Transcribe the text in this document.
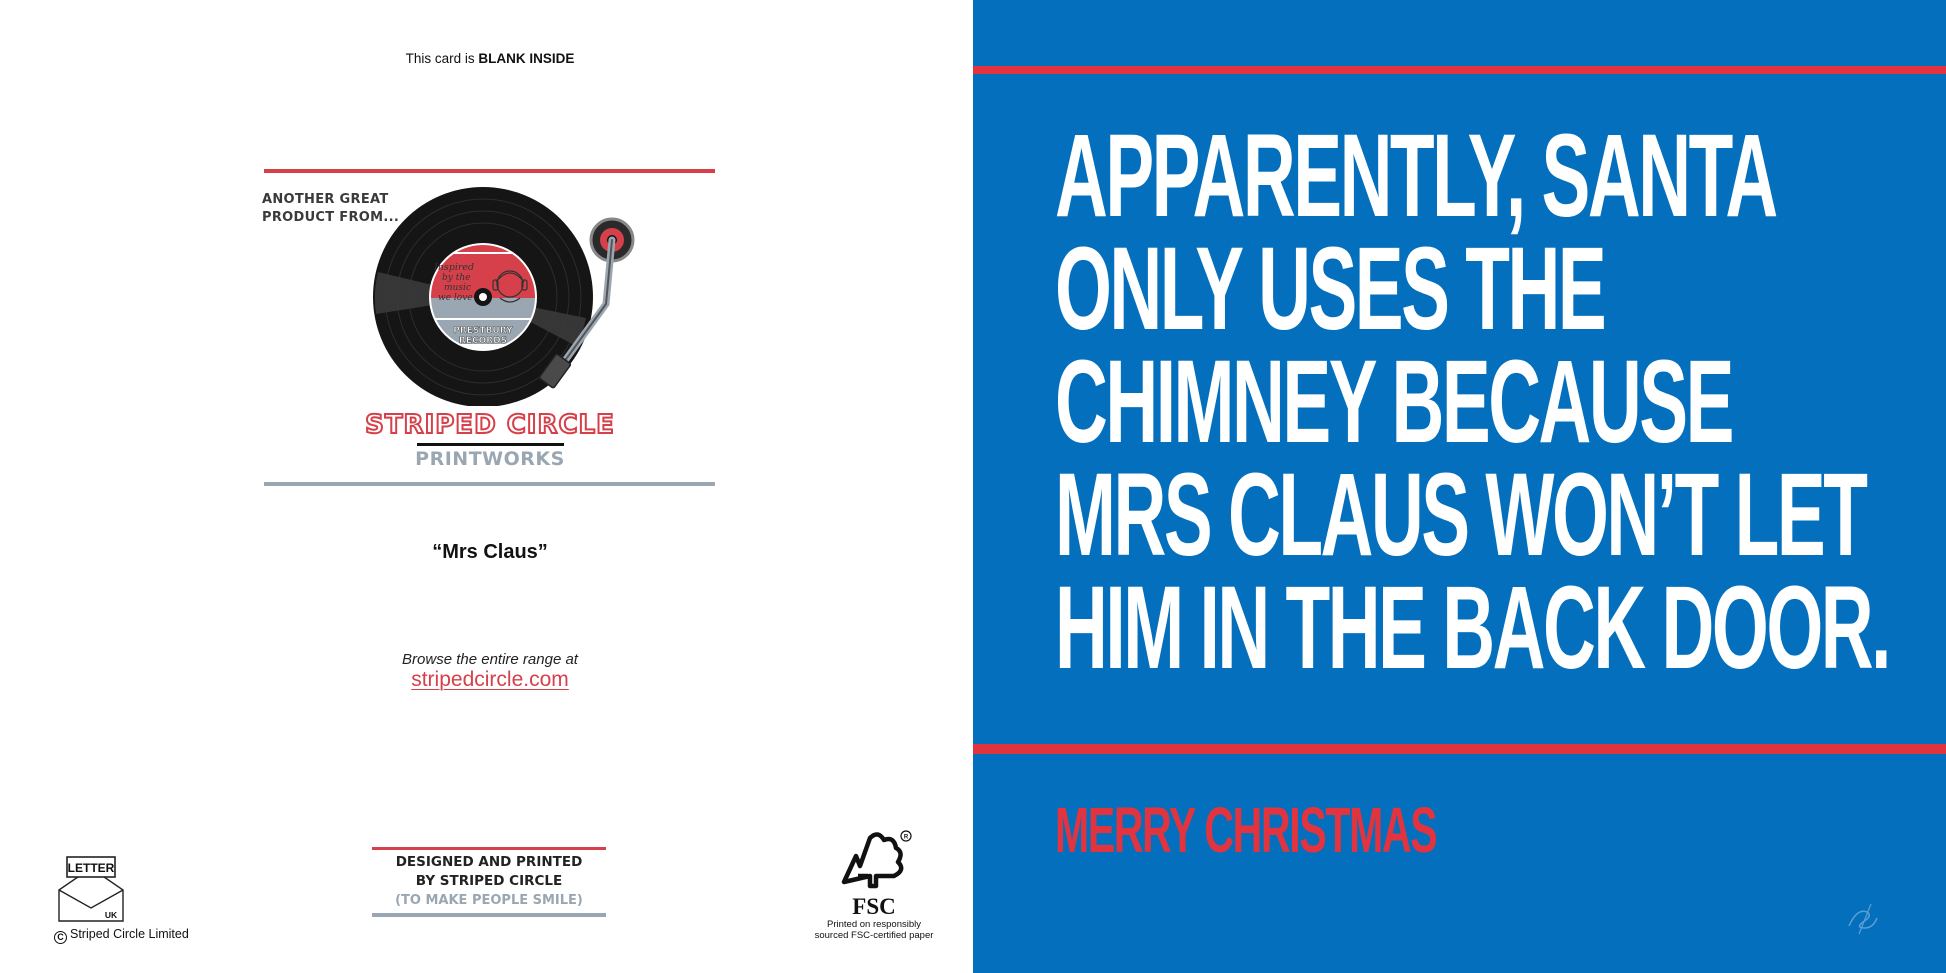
This card is BLANK INSIDE
ANOTHER GREAT
PRODUCT FROM...
Inspired
by the
music
we love
PRESTBURY
RECORDS
STRIPED CIRCLE
PRINTWORKS
“Mrs Claus”
Browse the entire range at
stripedcircle.com
DESIGNED AND PRINTED
BY STRIPED CIRCLE
(TO MAKE PEOPLE SMILE)
LETTER
UK
C Striped Circle Limited
R
FSC
Printed on responsibly
sourced FSC-certified paper
APPARENTLY, SANTA
ONLY USES THE
CHIMNEY BECAUSE
MRS CLAUS WON’T LET
HIM IN THE BACK DOOR.
MERRY CHRISTMAS
